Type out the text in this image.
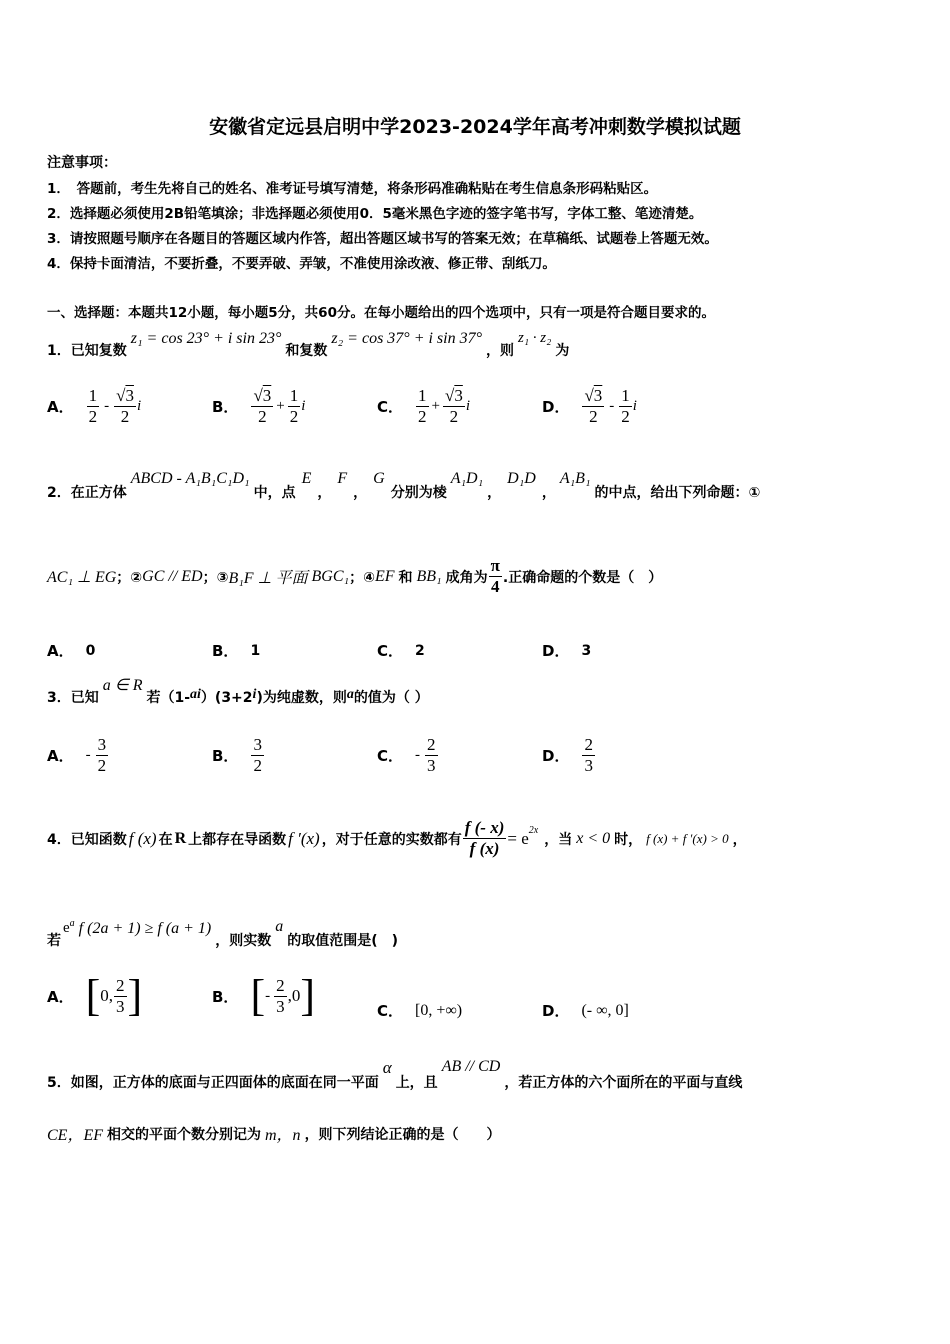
安徽省定远县启明中学2023-2024学年高考冲刺数学模拟试题
注意事项：
1．　答题前，考生先将自己的姓名、准考证号填写清楚，将条形码准确粘贴在考生信息条形码粘贴区。
2．选择题必须使用2B铅笔填涂；非选择题必须使用0．5毫米黑色字迹的签字笔书写，字体工整、笔迹清楚。
3．请按照题号顺序在各题目的答题区域内作答，超出答题区域书写的答案无效；在草稿纸、试题卷上答题无效。
4．保持卡面清洁，不要折叠，不要弄破、弄皱，不准使用涂改液、修正带、刮纸刀。
一、选择题：本题共12小题，每小题5分，共60分。在每小题给出的四个选项中，只有一项是符合题目要求的。
1．已知复数
z₁ = cos 23° + i sin 23°
和复数
z₂ = cos 37° + i sin 37°
，则
z₁ · z₂
为
A． $\frac{1}{2} - \frac{√3}{2}$ i	B． $\frac{√3}{2} + \frac{1}{2}$ i	C． $\frac{1}{2} + \frac{√3}{2}$ i	D． $\frac{√3}{2} - \frac{1}{2}$ i
2．在正方体
ABCD - A₁B₁C₁D₁
中，点
E
，
F
，
G
分别为棱
A₁D₁
，
D₁D
，
A₁B₁
的中点，给出下列命题：①
AC₁ ⊥ EG ；② GC // ED ；③ B₁F ⊥ 平面 BGC₁ ；④ EF 和 BB₁ 成角为 $\frac{\pi}{4}$ .正确命题的个数是（　）
A． 0	B． 1	C． 2	D． 3
3．已知
a ∈ R
若（1- ai ）(3+2 i )为纯虚数，则 a 的值为（ ）
A． - $\frac{3}{2}$	B． $\frac{3}{2}$	C． - $\frac{2}{3}$	D． $\frac{2}{3}$
4．已知函数 f (x) 在 R 上都存在导函数 f ′(x) ，对于任意的实数都有 $\frac{f (- x)}{f (x)} = e^{2x}$
，当 x < 0 时， f (x) + f ′(x) > 0 ，
若
$e^a$ f (2a + 1) ≥ f (a + 1)
，则实数
a
的取值范围是(　)
A． [ 0, $\frac{2}{3}$ ]	B． [ - $\frac{2}{3} ,0$ ]	C． [0, +∞)	D． (- ∞, 0]
5．如图，正方体的底面与正四面体的底面在同一平面
α
上，且
AB // CD
，若正方体的六个面所在的平面与直线
CE，EF 相交的平面个数分别记为 m，n ，则下列结论正确的是（　　）
